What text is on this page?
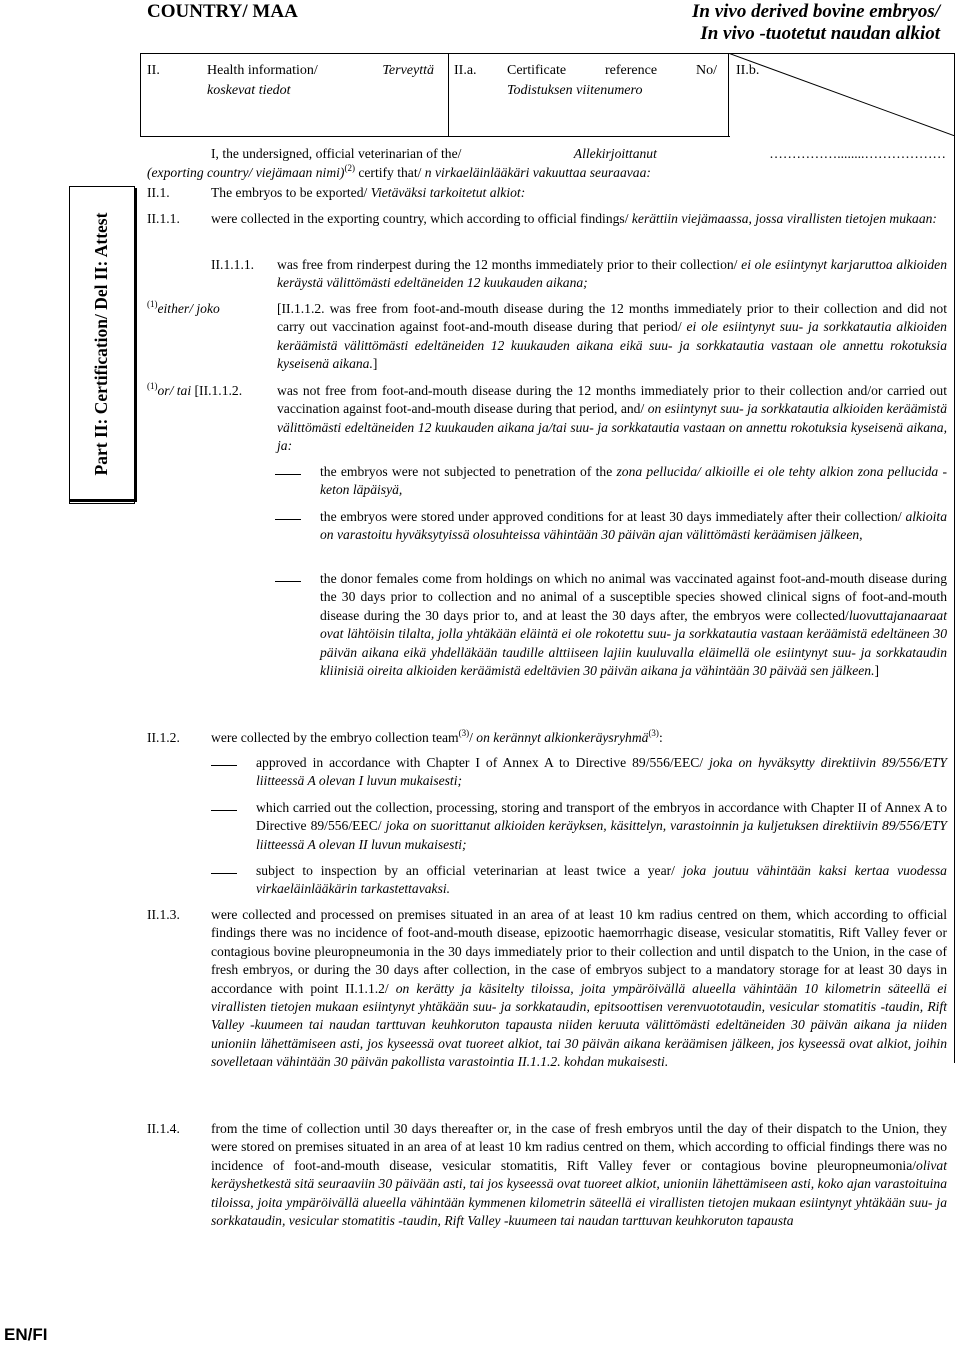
COUNTRY/ MAA	In vivo derived bovine embryos/
In vivo -tuotetut naudan alkiot
II.	Health information/	Terveyttä
koskevat tiedot
II.a. Certificate	reference	No/
Todistuksen viitenumero
II.b.
Part II: Certification/ Del II: Attest
I, the undersigned, official veterinarian of the/	Allekirjoittanut	……………........………………
(exporting country/ viejämaan nimi)$^{(2)}$ certify that/ n virkaeläinlääkäri vakuuttaa seuraavaa:
II.1.	The embryos to be exported/ Vietäväksi tarkoitetut alkiot:
II.1.1. were collected in the exporting country, which according to official findings/ kerättiin viejämaassa, jossa virallisten tietojen mukaan:
II.1.1.1. was free from rinderpest during the 12 months immediately prior to their collection/ ei ole esiintynyt karjaruttoa alkioiden keräystä välittömästi edeltäneiden 12 kuukauden aikana;
$^{(1)}$either/ joko	[II.1.1.2. was free from foot-and-mouth disease during the 12 months immediately prior to their collection and did not carry out vaccination against foot-and-mouth disease during that period/ ei ole esiintynyt suu- ja sorkkatautia alkioiden keräämistä välittömästi edeltäneiden 12 kuukauden aikana eikä suu- ja sorkkatautia vastaan ole annettu rokotuksia kyseisenä aikana.]
$^{(1)}$or/ tai [II.1.1.2.	was not free from foot-and-mouth disease during the 12 months immediately prior to their collection and/or carried out vaccination against foot-and-mouth disease during that period, and/ on esiintynyt suu- ja sorkkatautia alkioiden keräämistä välittömästi edeltäneiden 12 kuukauden aikana ja/tai suu- ja sorkkatautia vastaan on annettu rokotuksia kyseisenä aikana, ja:
the embryos were not subjected to penetration of the zona pellucida/ alkioille ei ole tehty alkion zona pellucida -keton läpäisyä,
the embryos were stored under approved conditions for at least 30 days immediately after their collection/ alkioita on varastoitu hyväksytyissä olosuhteissa vähintään 30 päivän ajan välittömästi keräämisen jälkeen,
the donor females come from holdings on which no animal was vaccinated against foot-and-mouth disease during the 30 days prior to collection and no animal of a susceptible species showed clinical signs of foot-and-mouth disease during the 30 days prior to, and at least the 30 days after, the embryos were collected/luovuttajanaaraat ovat lähtöisin tilalta, jolla yhtäkään eläintä ei ole rokotettu suu- ja sorkkatautia vastaan keräämistä edeltäneen 30 päivän aikana eikä yhdelläkään taudille alttiiseen lajiin kuuluvalla eläimellä ole esiintynyt suu- ja sorkkataudin kliinisiä oireita alkioiden keräämistä edeltävien 30 päivän aikana ja vähintään 30 päivää sen jälkeen.]
II.1.2. were collected by the embryo collection team$^{(3)}$/ on kerännyt alkionkeräysryhmä$^{(3)}$:
approved in accordance with Chapter I of Annex A to Directive 89/556/EEC/ joka on hyväksytty direktiivin 89/556/ETY liitteessä A olevan I luvun mukaisesti;
which carried out the collection, processing, storing and transport of the embryos in accordance with Chapter II of Annex A to Directive 89/556/EEC/ joka on suorittanut alkioiden keräyksen, käsittelyn, varastoinnin ja kuljetuksen direktiivin 89/556/ETY liitteessä A olevan II luvun mukaisesti;
subject to inspection by an official veterinarian at least twice a year/ joka joutuu vähintään kaksi kertaa vuodessa virkaeläinlääkärin tarkastettavaksi.
II.1.3. were collected and processed on premises situated in an area of at least 10 km radius centred on them, which according to official findings there was no incidence of foot-and-mouth disease, epizootic haemorrhagic disease, vesicular stomatitis, Rift Valley fever or contagious bovine pleuropneumonia in the 30 days immediately prior to their collection and until dispatch to the Union, in the case of fresh embryos, or during the 30 days after collection, in the case of embryos subject to a mandatory storage for at least 30 days in accordance with point II.1.1.2/ on kerätty ja käsitelty tiloissa, joita ympäröivällä alueella vähintään 10 kilometrin säteellä ei virallisten tietojen mukaan esiintynyt yhtäkään suu- ja sorkkataudin, epitsoottisen verenvuototaudin, vesicular stomatitis -taudin, Rift Valley -kuumeen tai naudan tarttuvan keuhkoruton tapausta niiden keruuta välittömästi edeltäneiden 30 päivän aikana ja niiden unioniin lähettämiseen asti, jos kyseessä ovat tuoreet alkiot, tai 30 päivän aikana keräämisen jälkeen, jos kyseessä ovat alkiot, joihin sovelletaan vähintään 30 päivän pakollista varastointia II.1.1.2. kohdan mukaisesti.
II.1.4. from the time of collection until 30 days thereafter or, in the case of fresh embryos until the day of their dispatch to the Union, they were stored on premises situated in an area of at least 10 km radius centred on them, which according to official findings there was no incidence of foot-and-mouth disease, vesicular stomatitis, Rift Valley fever or contagious bovine pleuropneumonia/olivat keräyshetkestä sitä seuraaviin 30 päivään asti, tai jos kyseessä ovat tuoreet alkiot, unioniin lähettämiseen asti, koko ajan varastoituina tiloissa, joita ympäröivällä alueella vähintään kymmenen kilometrin säteellä ei virallisten tietojen mukaan esiintynyt yhtäkään suu- ja sorkkataudin, vesicular stomatitis -taudin, Rift Valley -kuumeen tai naudan tarttuvan keuhkoruton tapausta
EN/FI
